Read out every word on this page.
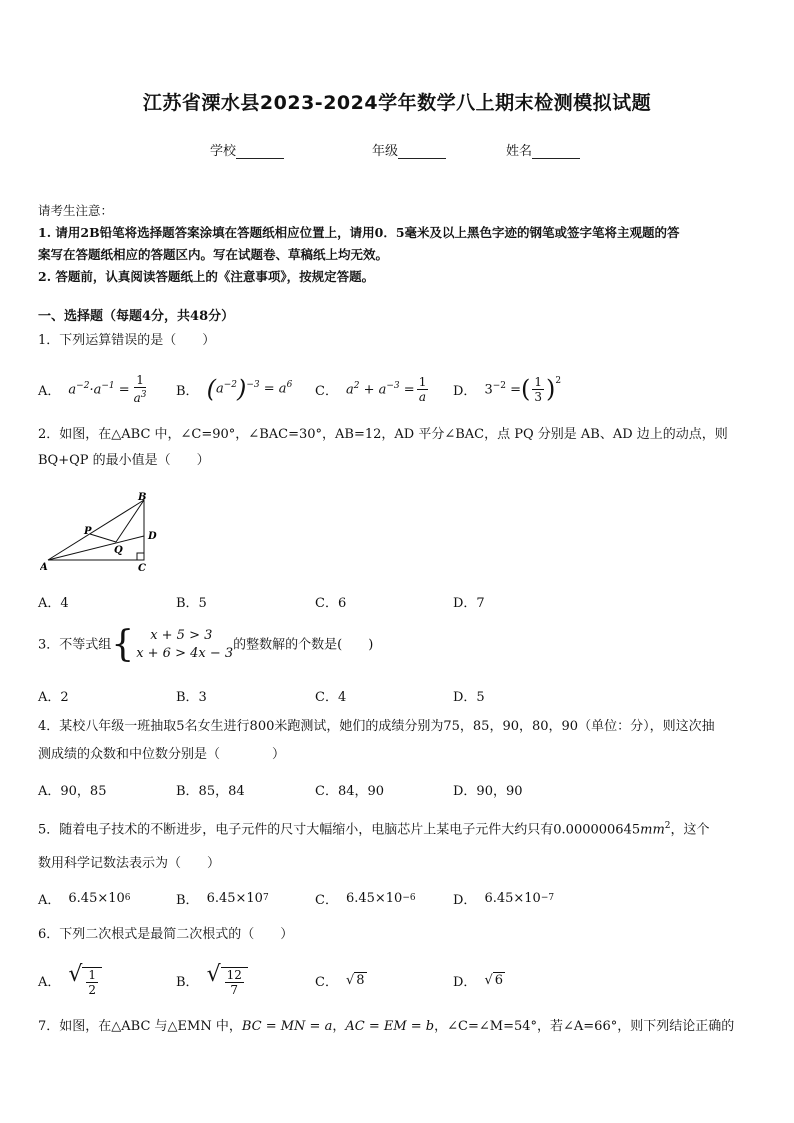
江苏省溧水县2023-2024学年数学八上期末检测模拟试题
学校	年级	姓名
请考生注意：
1. 请用2B铅笔将选择题答案涂填在答题纸相应位置上，请用0．5毫米及以上黑色字迹的钢笔或签字笔将主观题的答
案写在答题纸相应的答题区内。写在试题卷、草稿纸上均无效。
2. 答题前，认真阅读答题纸上的《注意事项》，按规定答题。
一、选择题（每题4分，共48分）
1．下列运算错误的是（　　）
A． $a^{-2}\cdot a^{-1} = \frac{1}{a^3}$ B． $(a^{-2})^{-3} = a^6$ C． $a^2 + a^{-3} = \frac{1}{a}$ D． $3^{-2}$ = ( $\frac{1}{3} )^2$
2．如图，在△ABC 中，∠C=90°，∠BAC=30°，AB=12，AD 平分∠BAC，点 PQ 分别是 AB、AD 边上的动点，则
BQ+QP 的最小值是（　　）
A
B
C
D
P
Q
A．4	B．5	C．6	D．7
3．不等式组 {	x + 5 > 3
x + 6 > 4x − 3
的整数解的个数是(　　)
A．2	B．3	C．4	D．5
4．某校八年级一班抽取5名女生进行800米跑测试，她们的成绩分别为75，85，90，80，90（单位：分），则这次抽
测成绩的众数和中位数分别是（　　　　）
A．90，85	B．85，84	C．84，90	D．90，90
5．随着电子技术的不断进步，电子元件的尺寸大幅缩小，电脑芯片上某电子元件大约只有$0.000000645mm^2$，这个
数用科学记数法表示为（　　）
A． 6.45×10 6	B． 6.45×10 7	C． 6.45×10 −6	D． 6.45×10 −7
6．下列二次根式是最简二次根式的（　　）
A． √ $\frac{1}{2}$	B． √ $\frac{12}{7}$	C． √ 8	D． √ 6
7．如图，在△ABC 与△EMN 中，BC = MN = a，AC = EM = b，∠C=∠M=54°，若∠A=66°，则下列结论正确的
